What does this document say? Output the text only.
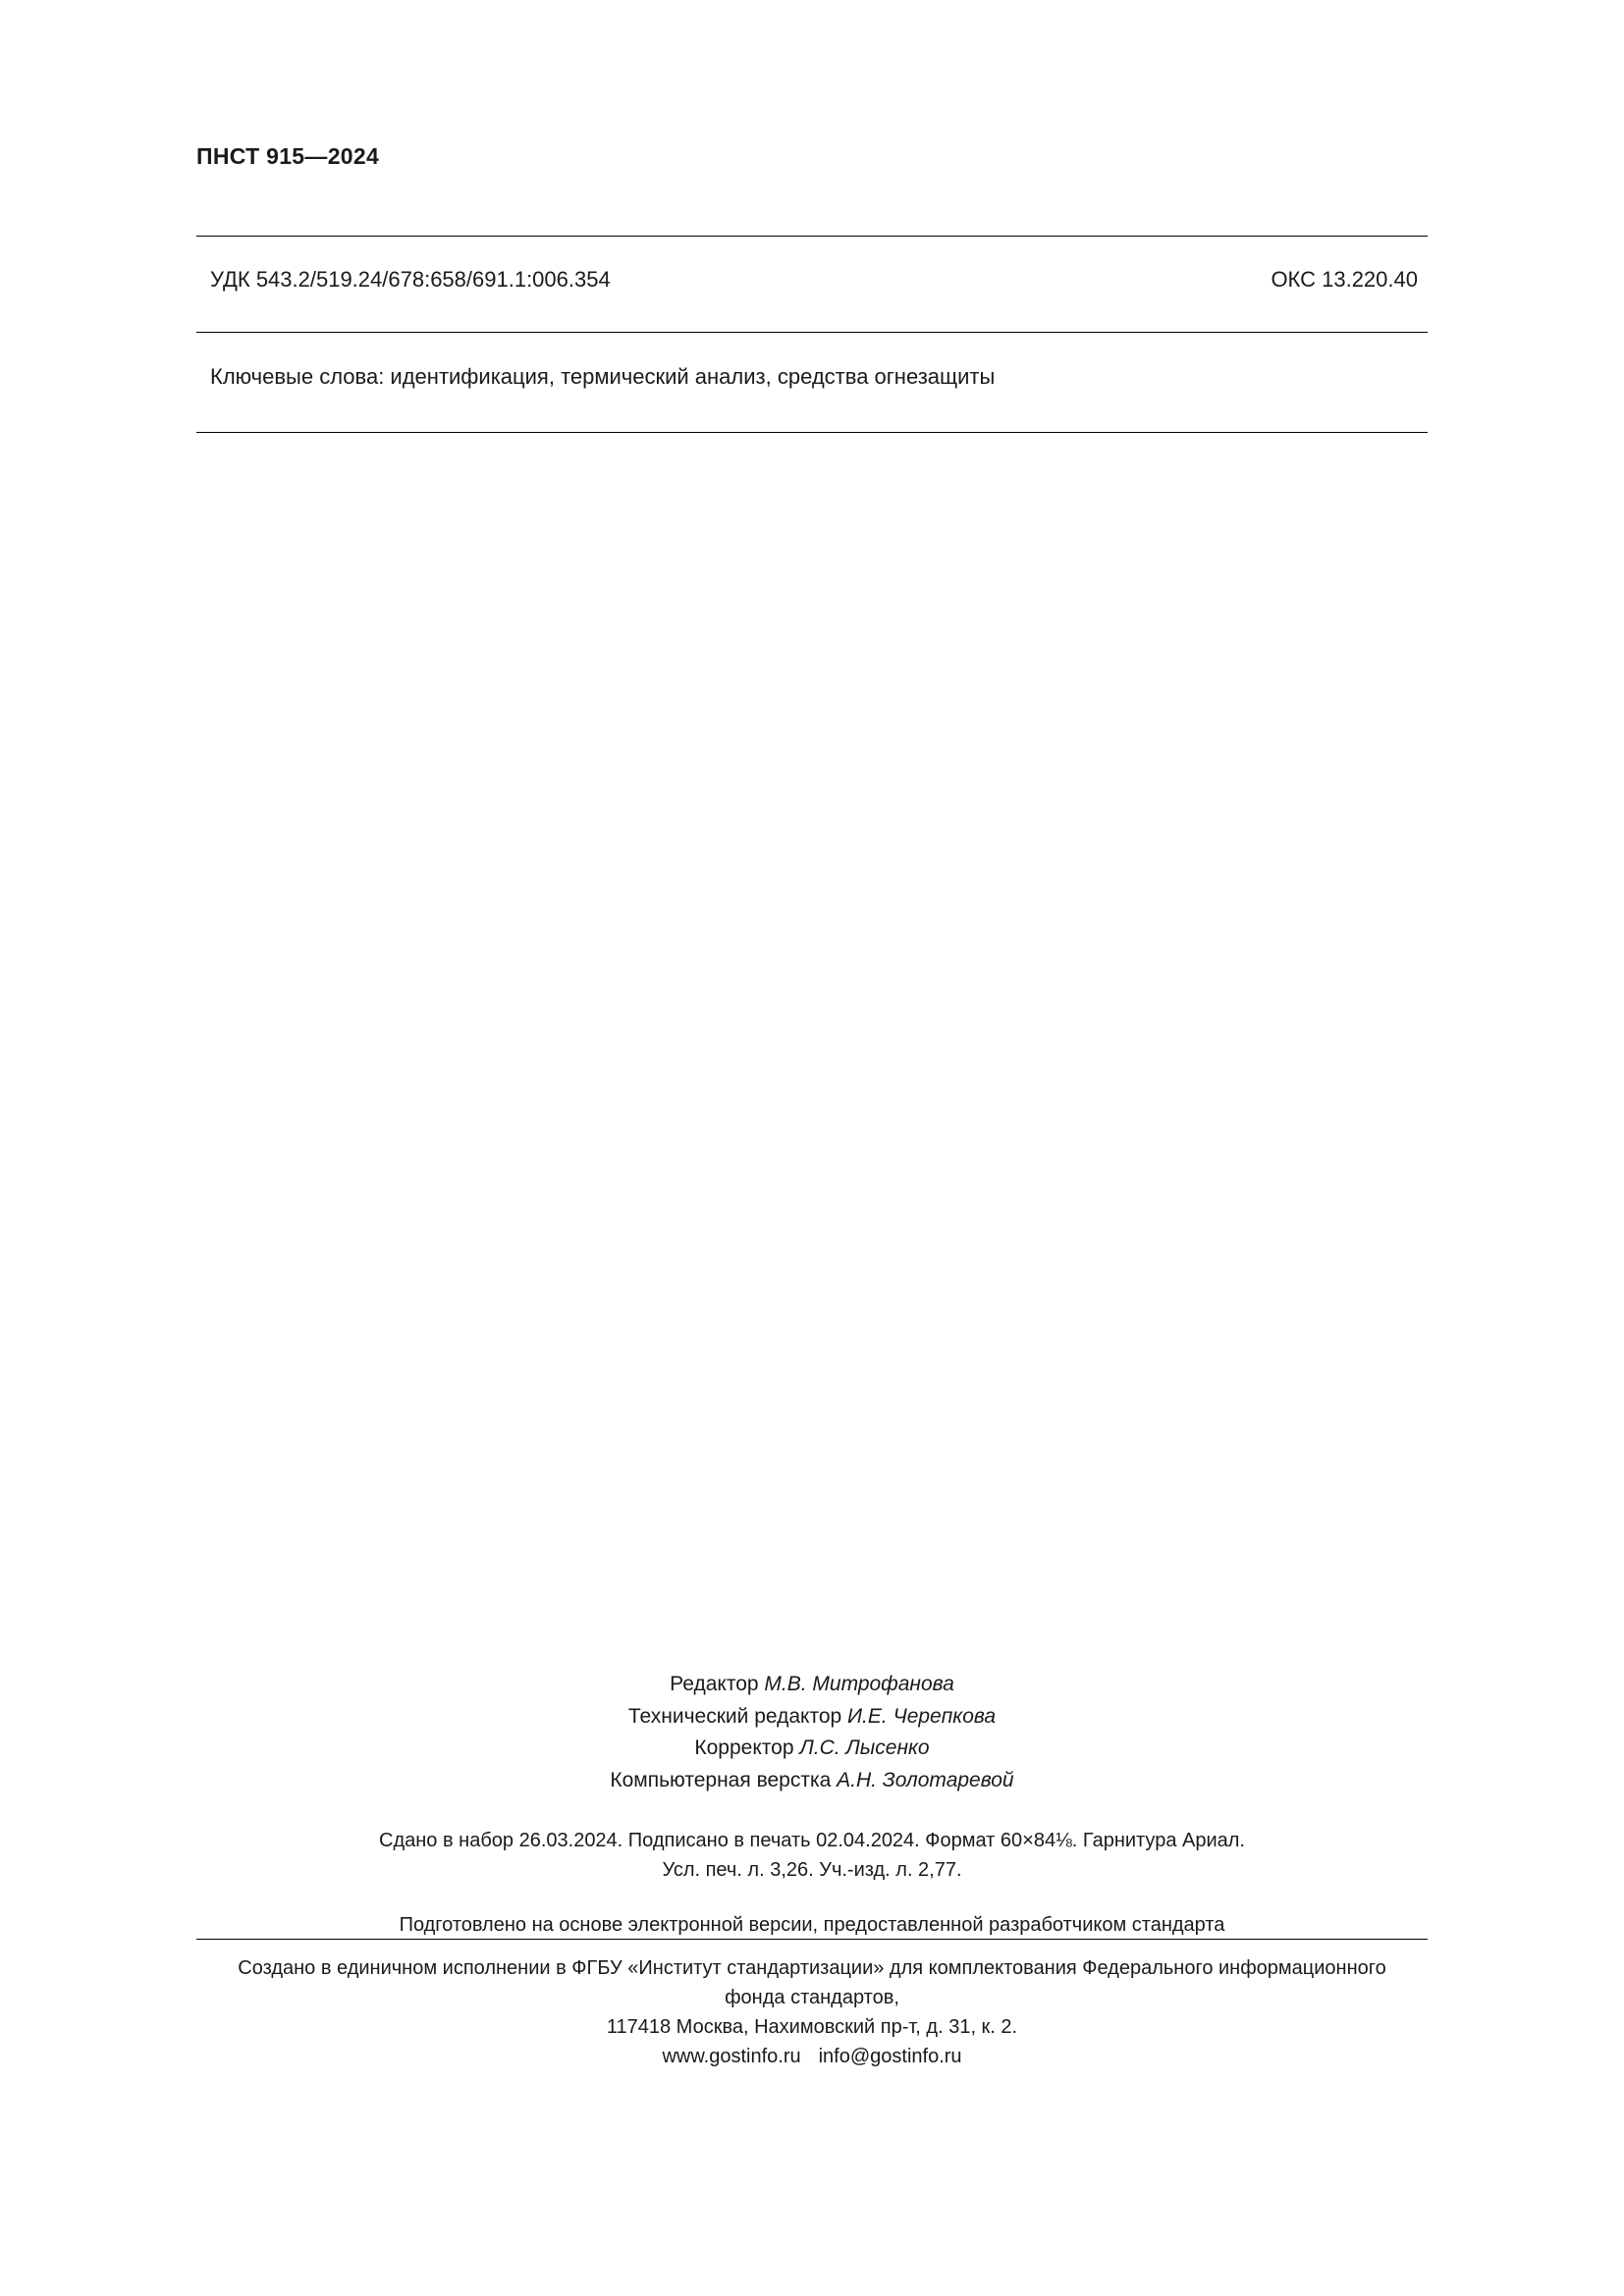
ПНСТ 915—2024
УДК 543.2/519.24/678:658/691.1:006.354	ОКС 13.220.40
Ключевые слова: идентификация, термический анализ, средства огнезащиты
Редактор М.В. Митрофанова
Технический редактор И.Е. Черепкова
Корректор Л.С. Лысенко
Компьютерная верстка А.Н. Золотаревой
Сдано в набор 26.03.2024. Подписано в печать 02.04.2024. Формат 60×84⅛. Гарнитура Ариал.
Усл. печ. л. 3,26. Уч.-изд. л. 2,77.
Подготовлено на основе электронной версии, предоставленной разработчиком стандарта
Создано в единичном исполнении в ФГБУ «Институт стандартизации» для комплектования Федерального информационного
фонда стандартов,
117418 Москва, Нахимовский пр-т, д. 31, к. 2.
www.gostinfo.ru info@gostinfo.ru
